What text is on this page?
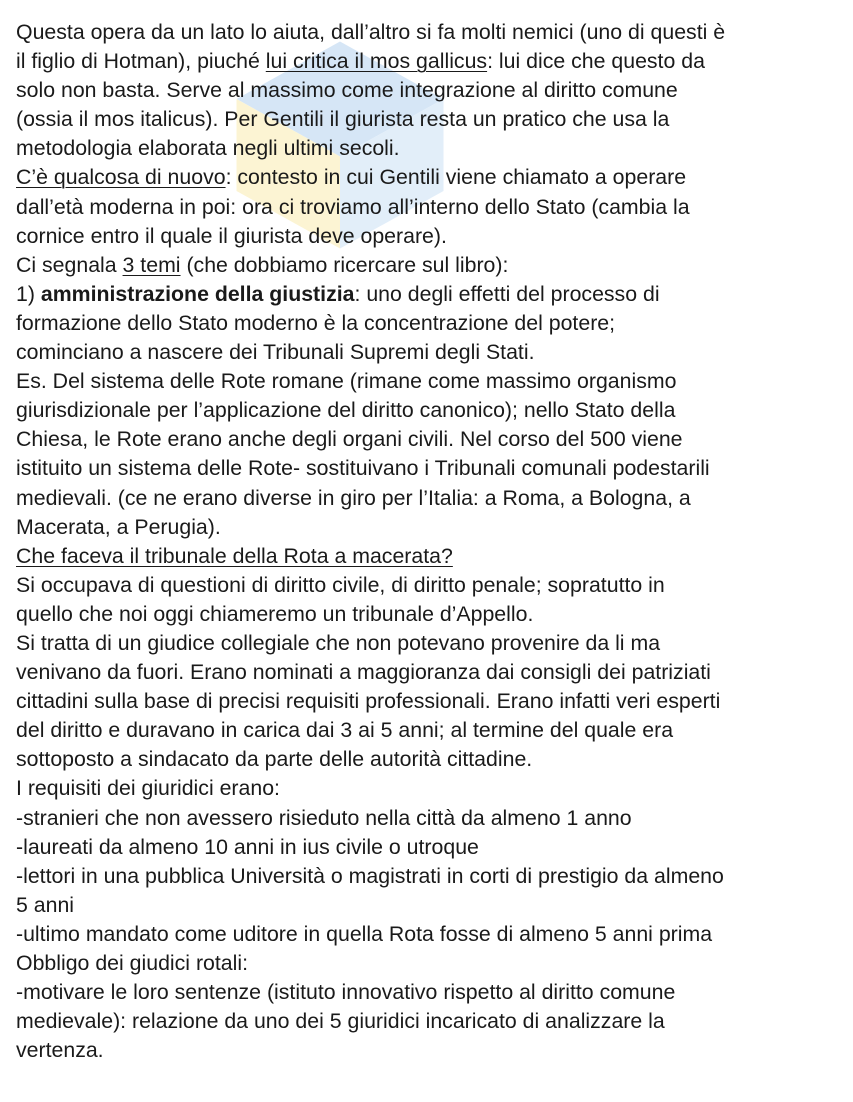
Questa opera da un lato lo aiuta, dall’altro si fa molti nemici (uno di questi è
il figlio di Hotman), piuché lui critica il mos gallicus: lui dice che questo da
solo non basta. Serve al massimo come integrazione al diritto comune
(ossia il mos italicus). Per Gentili il giurista resta un pratico che usa la
metodologia elaborata negli ultimi secoli.
C’è qualcosa di nuovo: contesto in cui Gentili viene chiamato a operare
dall’età moderna in poi: ora ci troviamo all’interno dello Stato (cambia la
cornice entro il quale il giurista deve operare).
Ci segnala 3 temi (che dobbiamo ricercare sul libro):
1) amministrazione della giustizia: uno degli effetti del processo di
formazione dello Stato moderno è la concentrazione del potere;
cominciano a nascere dei Tribunali Supremi degli Stati.
Es. Del sistema delle Rote romane (rimane come massimo organismo
giurisdizionale per l’applicazione del diritto canonico); nello Stato della
Chiesa, le Rote erano anche degli organi civili. Nel corso del 500 viene
istituito un sistema delle Rote- sostituivano i Tribunali comunali podestarili
medievali. (ce ne erano diverse in giro per l’Italia: a Roma, a Bologna, a
Macerata, a Perugia).
Che faceva il tribunale della Rota a macerata?
Si occupava di questioni di diritto civile, di diritto penale; sopratutto in
quello che noi oggi chiameremo un tribunale d’Appello.
Si tratta di un giudice collegiale che non potevano provenire da li ma
venivano da fuori. Erano nominati a maggioranza dai consigli dei patriziati
cittadini sulla base di precisi requisiti professionali. Erano infatti veri esperti
del diritto e duravano in carica dai 3 ai 5 anni; al termine del quale era
sottoposto a sindacato da parte delle autorità cittadine.
I requisiti dei giuridici erano:
-stranieri che non avessero risieduto nella città da almeno 1 anno
-laureati da almeno 10 anni in ius civile o utroque
-lettori in una pubblica Università o magistrati in corti di prestigio da almeno
5 anni
-ultimo mandato come uditore in quella Rota fosse di almeno 5 anni prima
Obbligo dei giudici rotali:
-motivare le loro sentenze (istituto innovativo rispetto al diritto comune
medievale): relazione da uno dei 5 giuridici incaricato di analizzare la
vertenza.
